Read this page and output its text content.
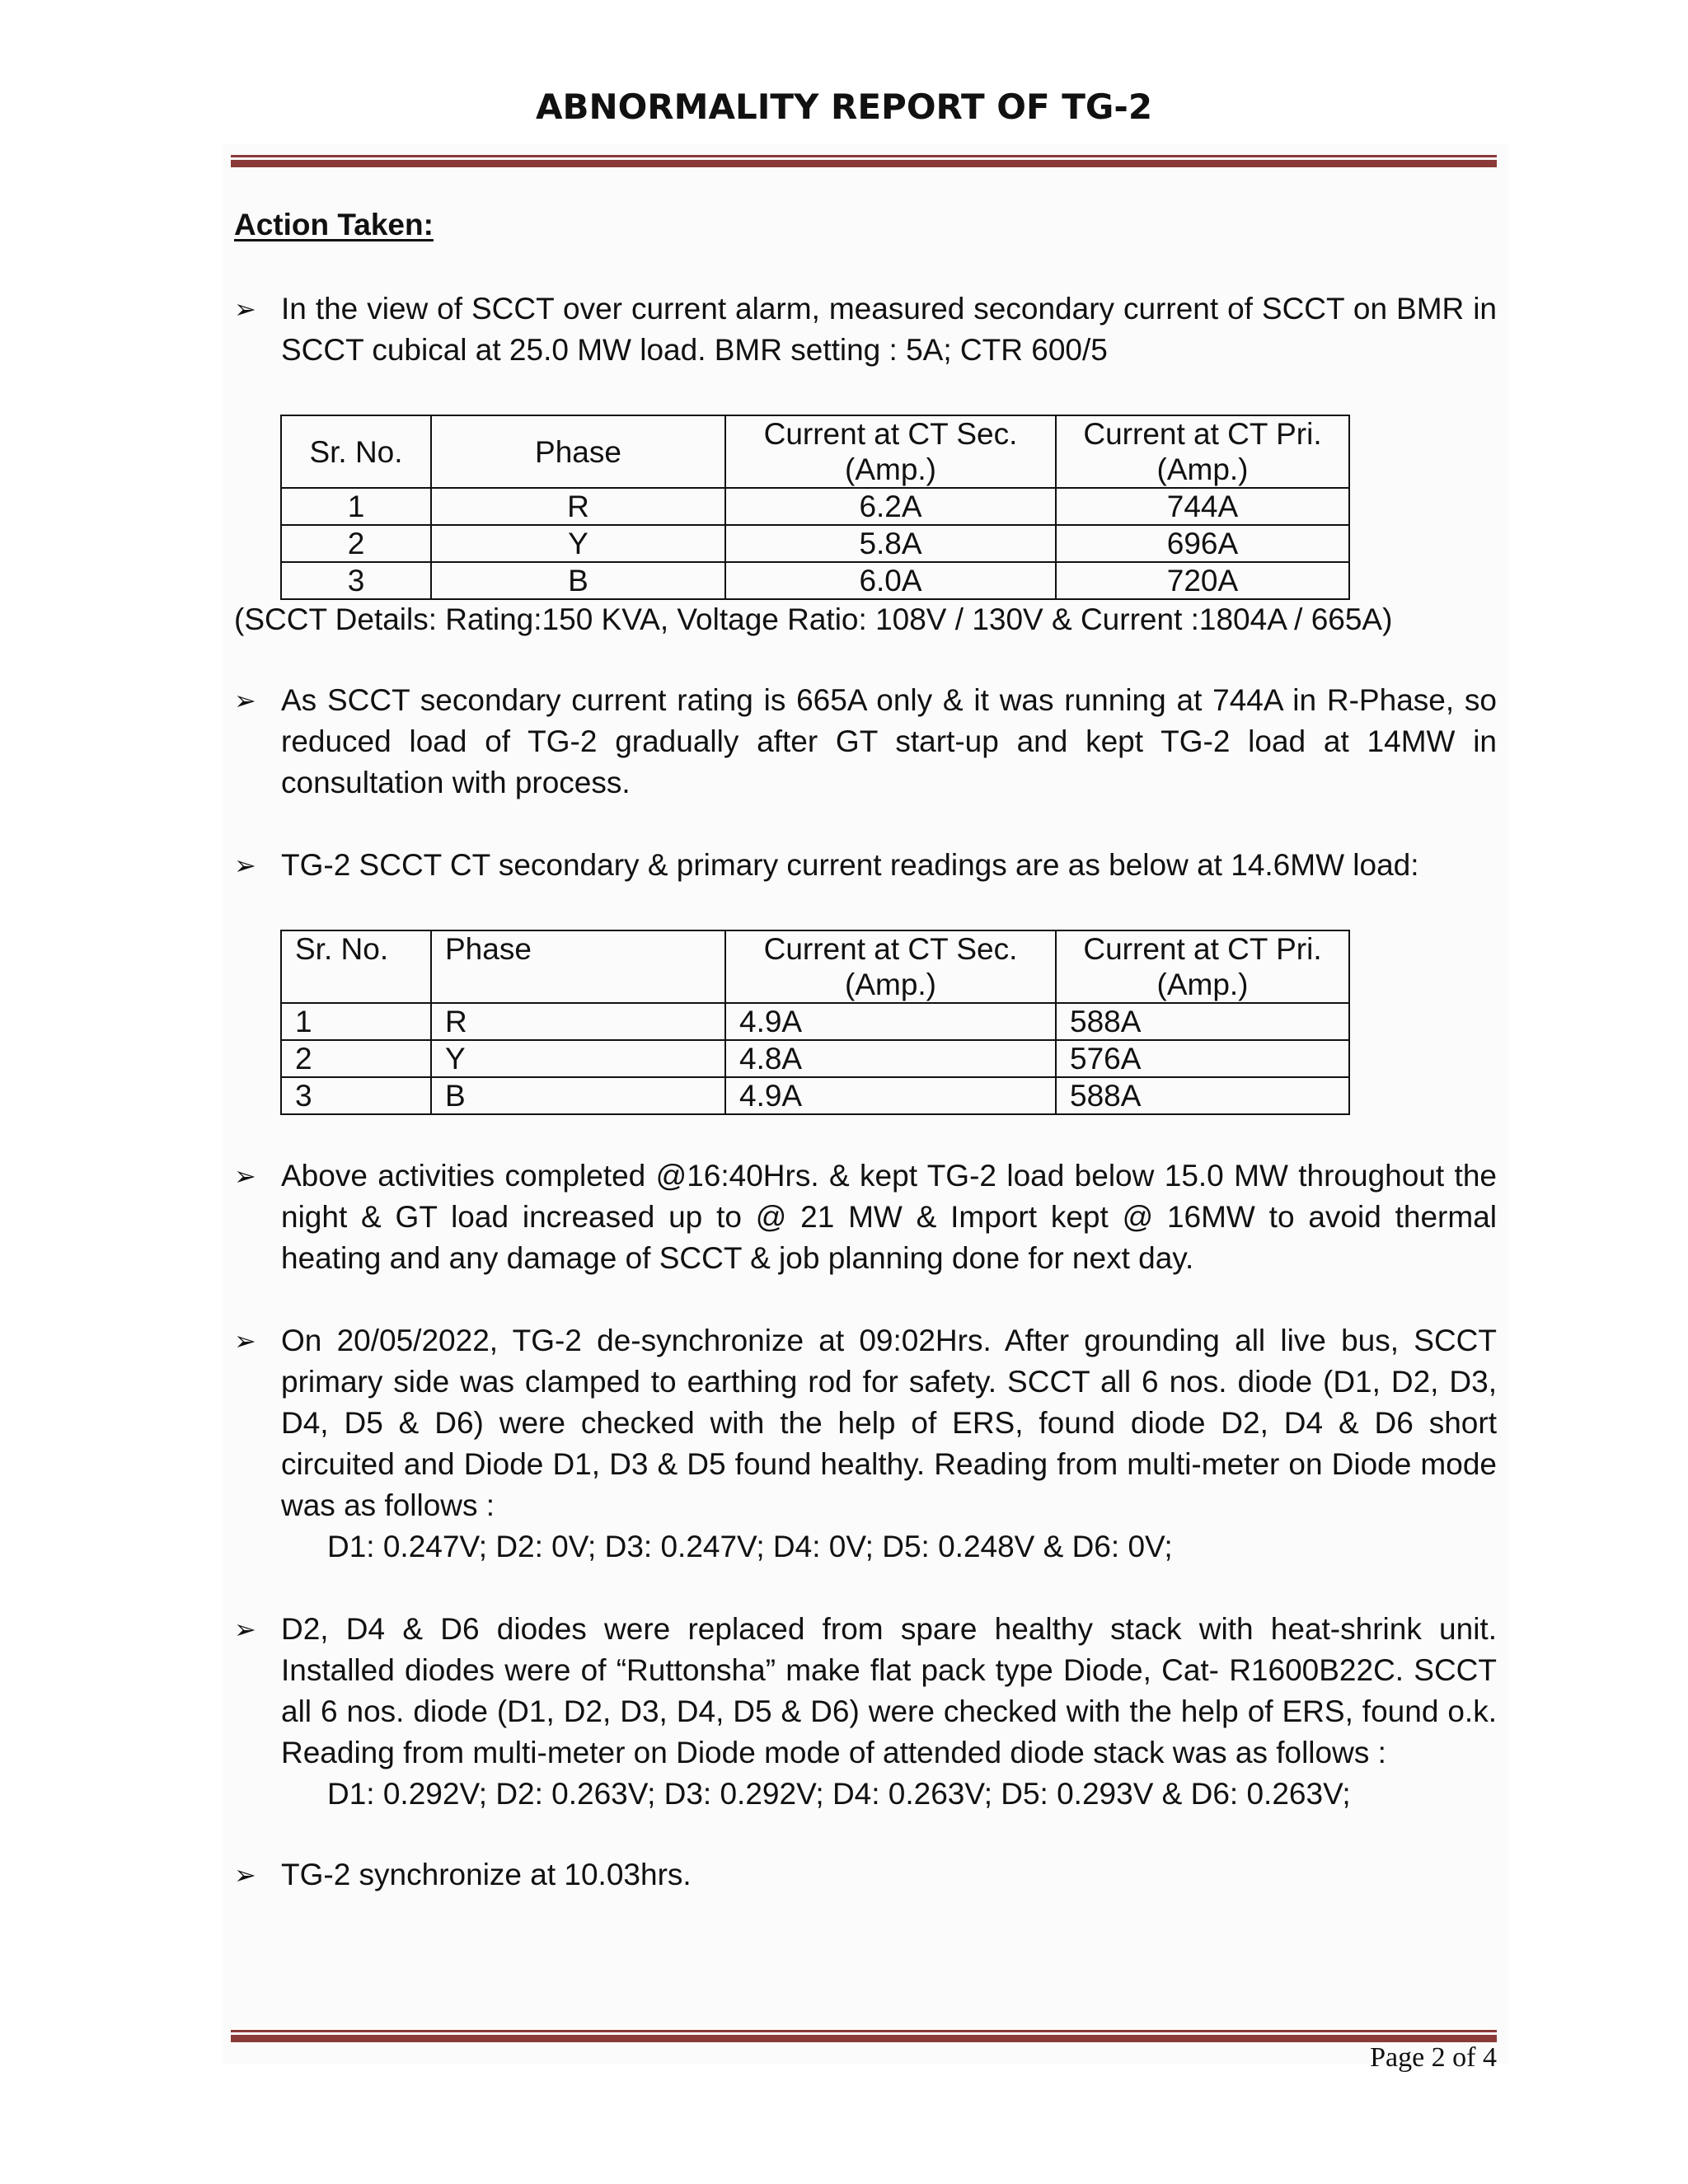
ABNORMALITY REPORT OF TG-2
Action Taken:
➢ In the view of SCCT over current alarm, measured secondary current of SCCT on BMR in SCCT cubical at 25.0 MW load. BMR setting : 5A; CTR 600/5
Sr. No.	Phase	Current at CT Sec. (Amp.)	Current at CT Pri. (Amp.)
1	R	6.2A	744A
2	Y	5.8A	696A
3	B	6.0A	720A
(SCCT Details: Rating:150 KVA, Voltage Ratio: 108V / 130V & Current :1804A / 665A)
➢ As SCCT secondary current rating is 665A only & it was running at 744A in R-Phase, so reduced load of TG-2 gradually after GT start-up and kept TG-2 load at 14MW in consultation with process.
➢ TG-2 SCCT CT secondary & primary current readings are as below at 14.6MW load:
Sr. No.	Phase	Current at CT Sec. (Amp.)	Current at CT Pri. (Amp.)
1	R	4.9A	588A
2	Y	4.8A	576A
3	B	4.9A	588A
➢ Above activities completed @16:40Hrs. & kept TG-2 load below 15.0 MW throughout the night & GT load increased up to @ 21 MW & Import kept @ 16MW to avoid thermal heating and any damage of SCCT & job planning done for next day.
➢ On 20/05/2022, TG-2 de-synchronize at 09:02Hrs. After grounding all live bus, SCCT primary side was clamped to earthing rod for safety. SCCT all 6 nos. diode (D1, D2, D3, D4, D5 & D6) were checked with the help of ERS, found diode D2, D4 & D6 short circuited and Diode D1, D3 & D5 found healthy. Reading from multi-meter on Diode mode was as follows :
D1: 0.247V; D2: 0V; D3: 0.247V; D4: 0V; D5: 0.248V & D6: 0V;
➢ D2, D4 & D6 diodes were replaced from spare healthy stack with heat-shrink unit. Installed diodes were of “Ruttonsha” make flat pack type Diode, Cat- R1600B22C. SCCT all 6 nos. diode (D1, D2, D3, D4, D5 & D6) were checked with the help of ERS, found o.k. Reading from multi-meter on Diode mode of attended diode stack was as follows :
D1: 0.292V; D2: 0.263V; D3: 0.292V; D4: 0.263V; D5: 0.293V & D6: 0.263V;
➢ TG-2 synchronize at 10.03hrs.
Page 2 of 4
